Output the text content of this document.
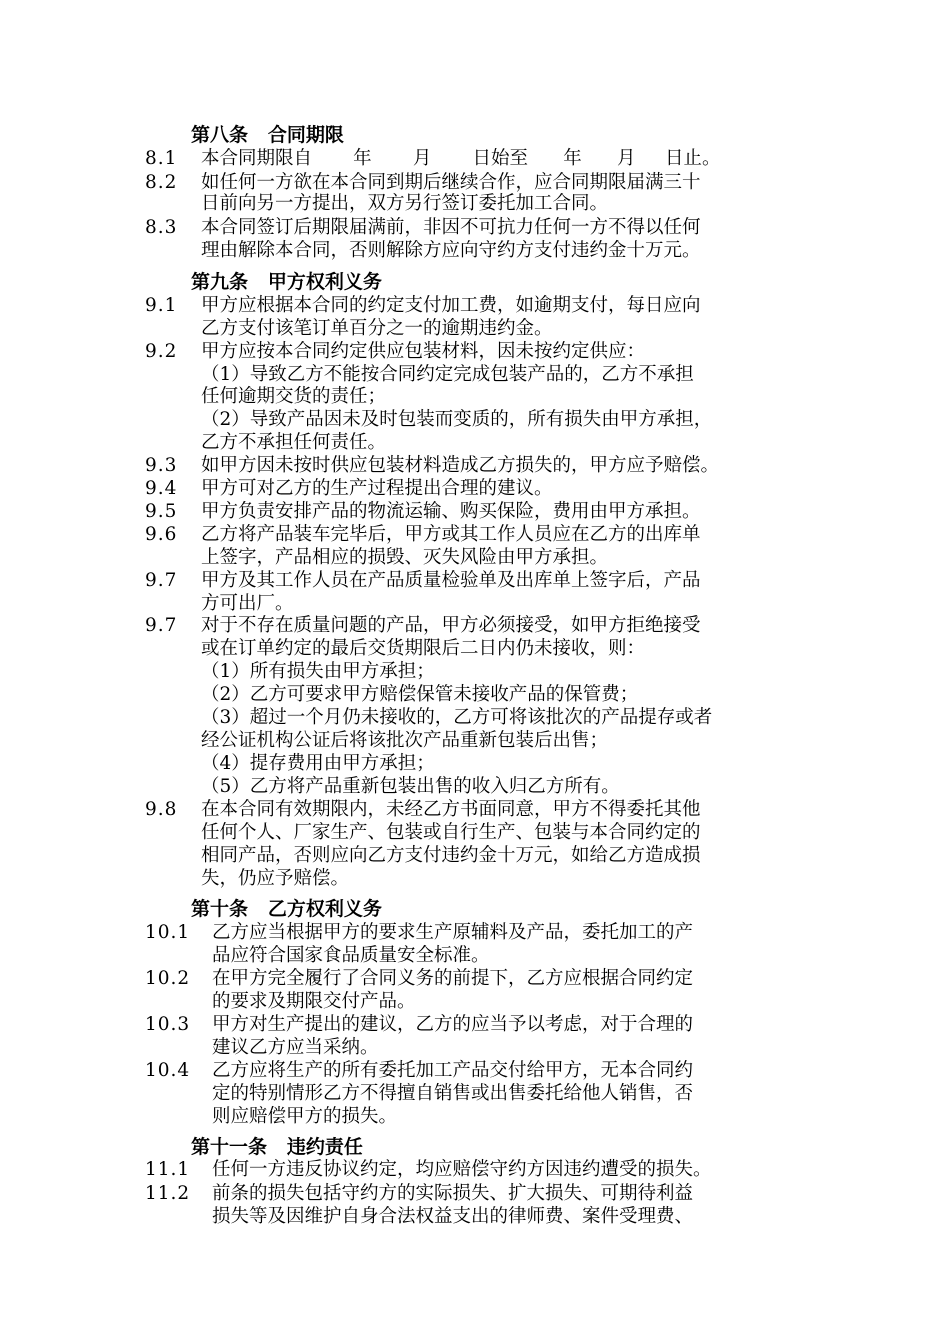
第八条   合同期限
8.1 本合同期限自       年       月       日始至      年      月     日止。
8.2 如任何一方欲在本合同到期后继续合作，应合同期限届满三十
日前向另一方提出，双方另行签订委托加工合同。
8.3 本合同签订后期限届满前，非因不可抗力任何一方不得以任何
理由解除本合同，否则解除方应向守约方支付违约金十万元。
第九条   甲方权利义务
9.1 甲方应根据本合同的约定支付加工费，如逾期支付，每日应向
乙方支付该笔订单百分之一的逾期违约金。
9.2 甲方应按本合同约定供应包装材料，因未按约定供应：
（1）导致乙方不能按合同约定完成包装产品的，乙方不承担
任何逾期交货的责任；
（2）导致产品因未及时包装而变质的，所有损失由甲方承担，
乙方不承担任何责任。
9.3 如甲方因未按时供应包装材料造成乙方损失的，甲方应予赔偿。
9.4 甲方可对乙方的生产过程提出合理的建议。
9.5 甲方负责安排产品的物流运输、购买保险，费用由甲方承担。
9.6 乙方将产品装车完毕后，甲方或其工作人员应在乙方的出库单
上签字，产品相应的损毁、灭失风险由甲方承担。
9.7 甲方及其工作人员在产品质量检验单及出库单上签字后，产品
方可出厂。
9.7 对于不存在质量问题的产品，甲方必须接受，如甲方拒绝接受
或在订单约定的最后交货期限后二日内仍未接收，则：
（1）所有损失由甲方承担；
（2）乙方可要求甲方赔偿保管未接收产品的保管费；
（3）超过一个月仍未接收的，乙方可将该批次的产品提存或者
经公证机构公证后将该批次产品重新包装后出售；
（4）提存费用由甲方承担；
（5）乙方将产品重新包装出售的收入归乙方所有。
9.8 在本合同有效期限内，未经乙方书面同意，甲方不得委托其他
任何个人、厂家生产、包装或自行生产、包装与本合同约定的
相同产品，否则应向乙方支付违约金十万元，如给乙方造成损
失，仍应予赔偿。
第十条   乙方权利义务
10.1 乙方应当根据甲方的要求生产原辅料及产品，委托加工的产
品应符合国家食品质量安全标准。
10.2 在甲方完全履行了合同义务的前提下，乙方应根据合同约定
的要求及期限交付产品。
10.3 甲方对生产提出的建议，乙方的应当予以考虑，对于合理的
建议乙方应当采纳。
10.4 乙方应将生产的所有委托加工产品交付给甲方，无本合同约
定的特别情形乙方不得擅自销售或出售委托给他人销售，否
则应赔偿甲方的损失。
第十一条   违约责任
11.1 任何一方违反协议约定，均应赔偿守约方因违约遭受的损失。
11.2 前条的损失包括守约方的实际损失、扩大损失、可期待利益
损失等及因维护自身合法权益支出的律师费、案件受理费、
